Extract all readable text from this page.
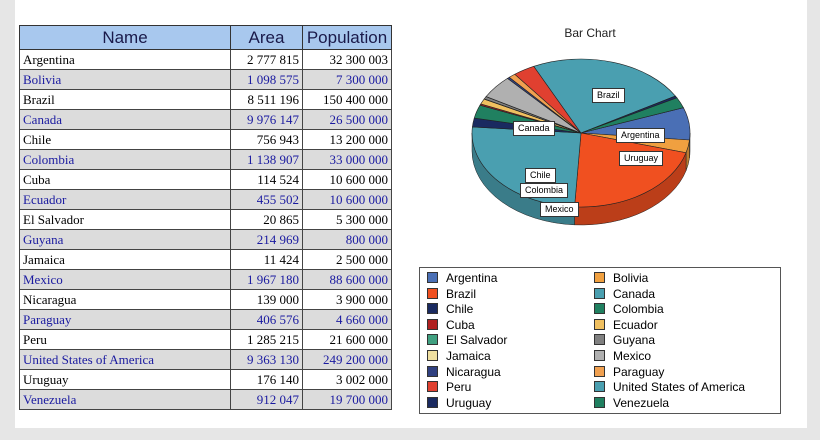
Name	Area	Population
Argentina	2 777 815	32 300 003
Bolivia	1 098 575	7 300 000
Brazil	8 511 196	150 400 000
Canada	9 976 147	26 500 000
Chile	756 943	13 200 000
Colombia	1 138 907	33 000 000
Cuba	114 524	10 600 000
Ecuador	455 502	10 600 000
El Salvador	20 865	5 300 000
Guyana	214 969	800 000
Jamaica	11 424	2 500 000
Mexico	1 967 180	88 600 000
Nicaragua	139 000	3 900 000
Paraguay	406 576	4 660 000
Peru	1 285 215	21 600 000
United States of America	9 363 130	249 200 000
Uruguay	176 140	3 002 000
Venezuela	912 047	19 700 000
Bar Chart
Brazil
Canada
Argentina
Uruguay
Chile
Colombia
Mexico
Argentina	Bolivia
Brazil	Canada
Chile	Colombia
Cuba	Ecuador
El Salvador	Guyana
Jamaica	Mexico
Nicaragua	Paraguay
Peru	United States of America
Uruguay	Venezuela
